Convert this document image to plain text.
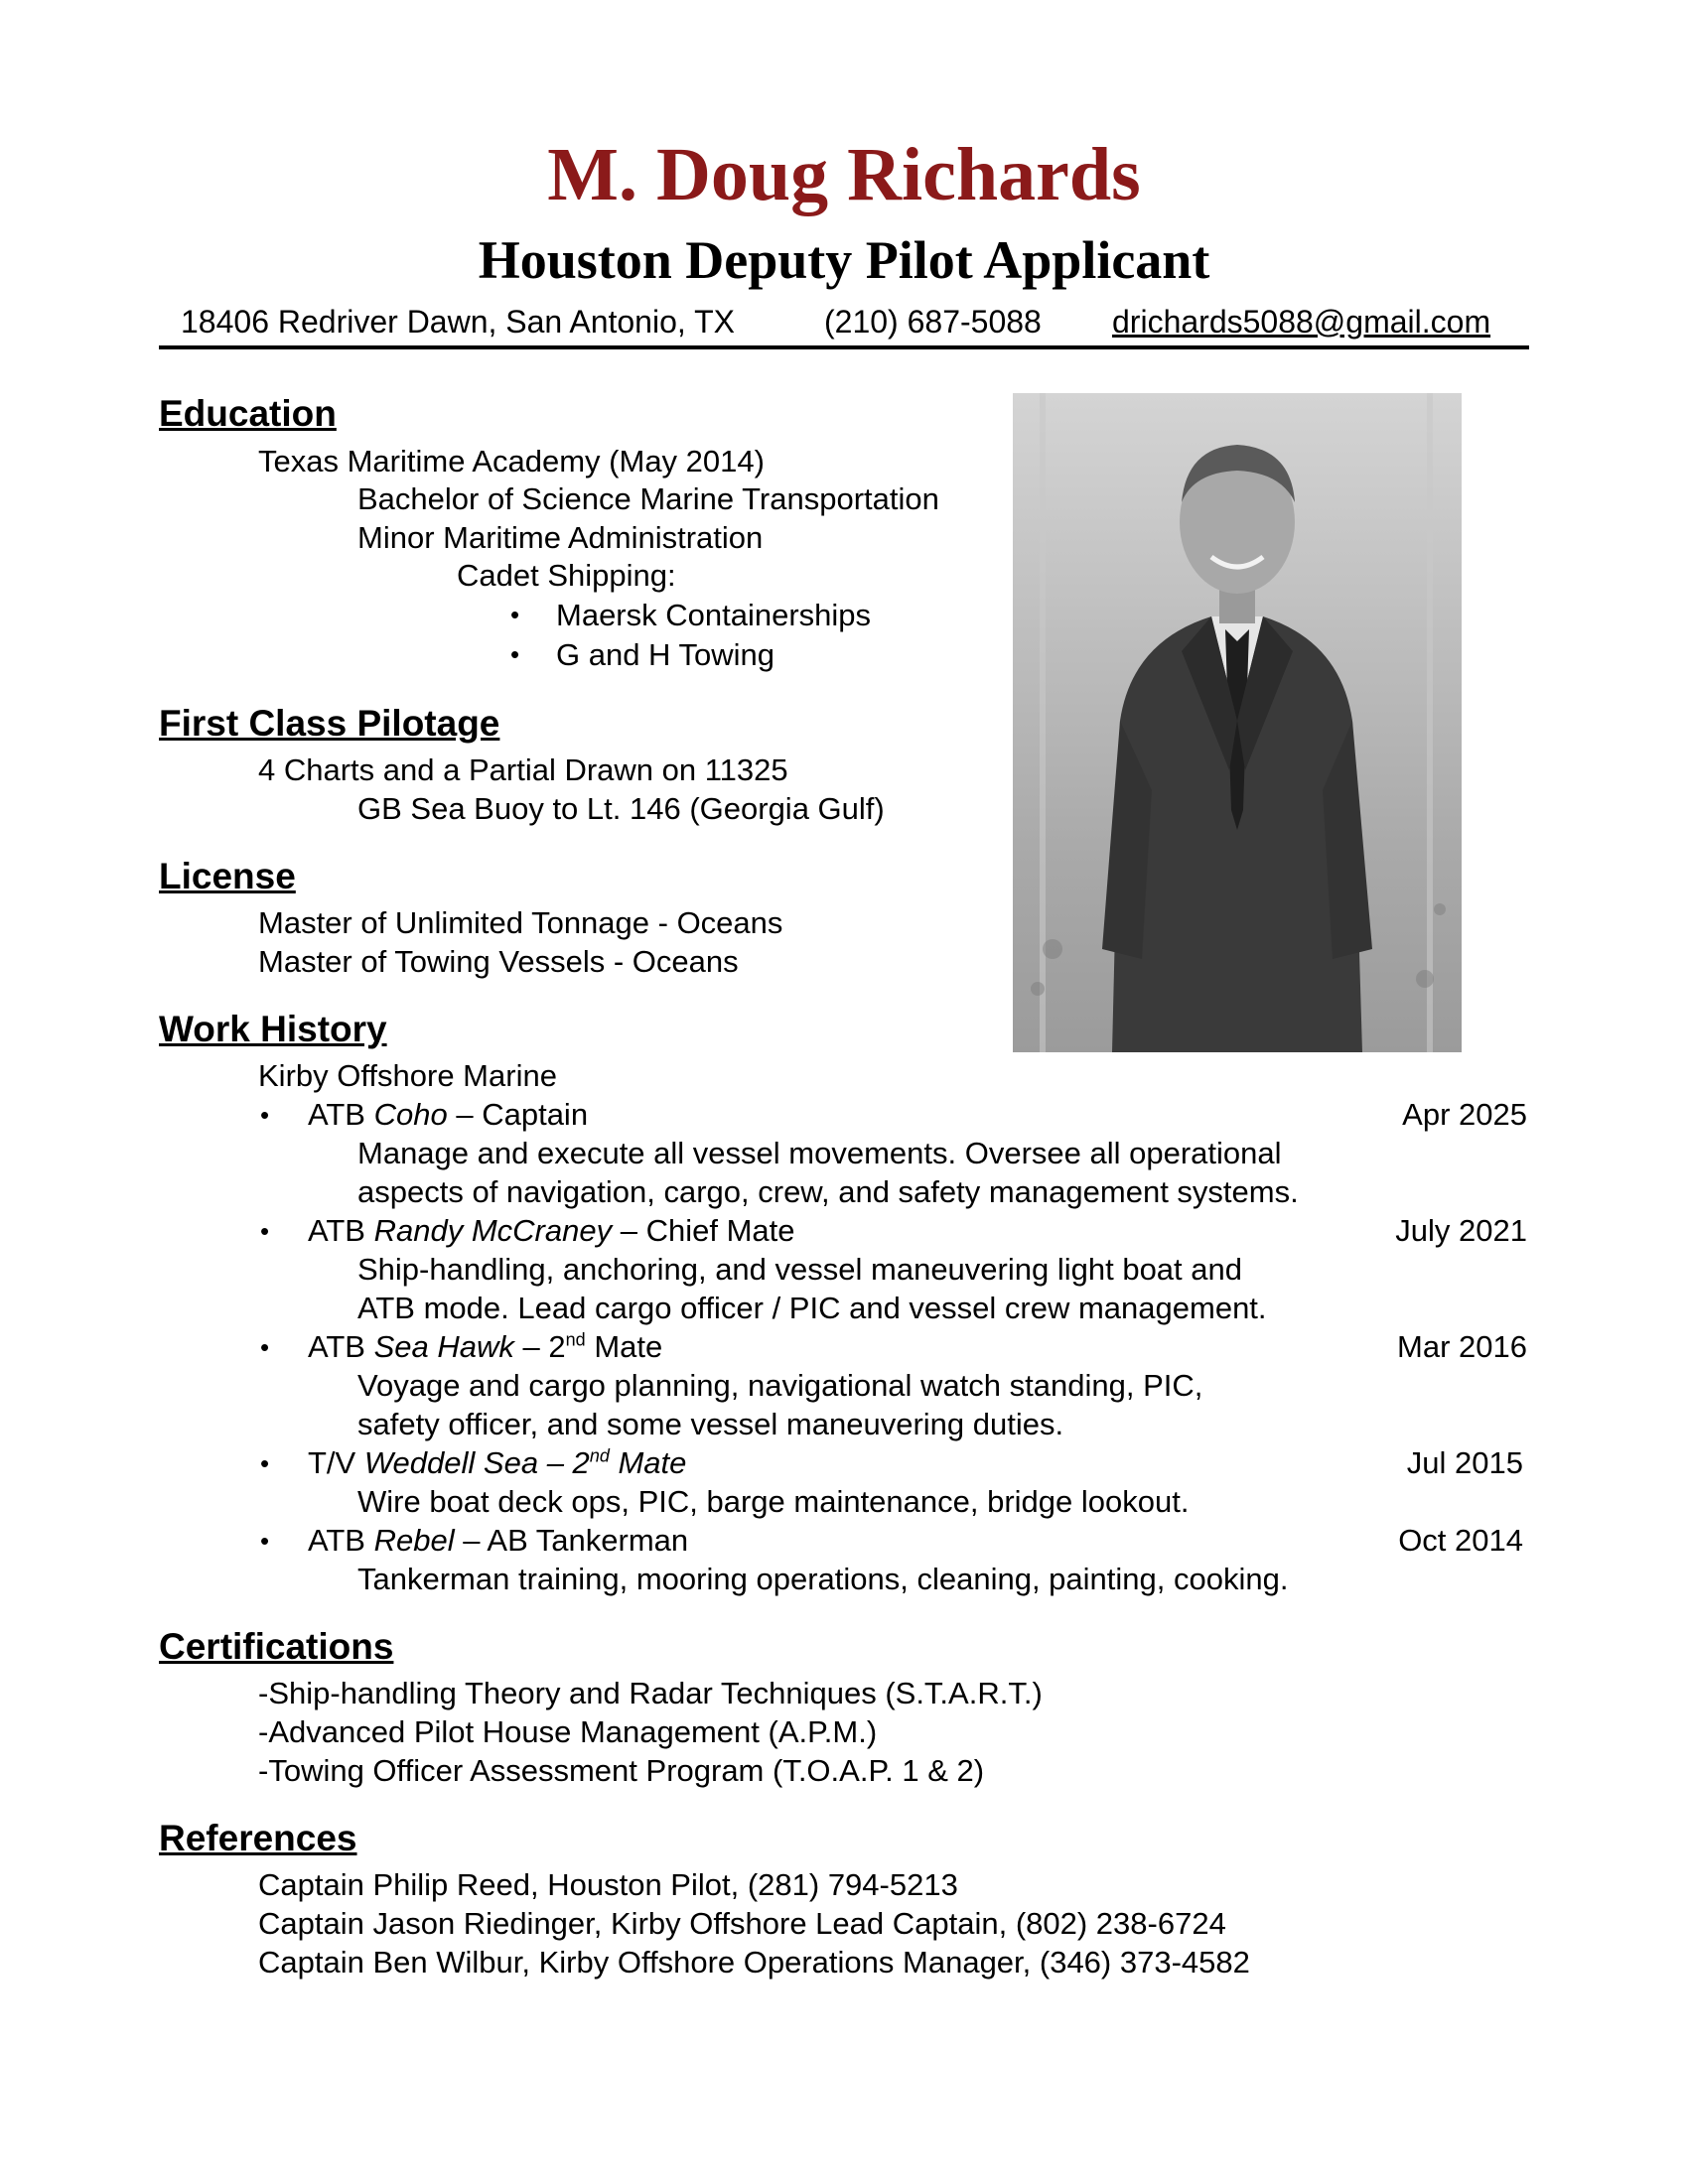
M. Doug Richards
Houston Deputy Pilot Applicant
18406 Redriver Dawn, San Antonio, TX	(210) 687-5088 drichards5088@gmail.com
Education
Texas Maritime Academy (May 2014)
Bachelor of Science Marine Transportation
Minor Maritime Administration
Cadet Shipping:
• Maersk Containerships
• G and H Towing
First Class Pilotage
4 Charts and a Partial Drawn on 11325
GB Sea Buoy to Lt. 146 (Georgia Gulf)
License
Master of Unlimited Tonnage - Oceans
Master of Towing Vessels - Oceans
Work History
Kirby Offshore Marine
• ATB Coho – Captain	Apr 2025
Manage and execute all vessel movements. Oversee all operational
aspects of navigation, cargo, crew, and safety management systems.
• ATB Randy McCraney – Chief Mate	July 2021
Ship-handling, anchoring, and vessel maneuvering light boat and
ATB mode. Lead cargo officer / PIC and vessel crew management.
• ATB Sea Hawk – 2nd Mate	Mar 2016
Voyage and cargo planning, navigational watch standing, PIC,
safety officer, and some vessel maneuvering duties.
• T/V Weddell Sea – 2nd Mate	Jul 2015
Wire boat deck ops, PIC, barge maintenance, bridge lookout.
• ATB Rebel – AB Tankerman	Oct 2014
Tankerman training, mooring operations, cleaning, painting, cooking.
Certifications
-Ship-handling Theory and Radar Techniques (S.T.A.R.T.)
-Advanced Pilot House Management (A.P.M.)
-Towing Officer Assessment Program (T.O.A.P. 1 & 2)
References
Captain Philip Reed, Houston Pilot, (281) 794-5213
Captain Jason Riedinger, Kirby Offshore Lead Captain, (802) 238-6724
Captain Ben Wilbur, Kirby Offshore Operations Manager, (346) 373-4582
